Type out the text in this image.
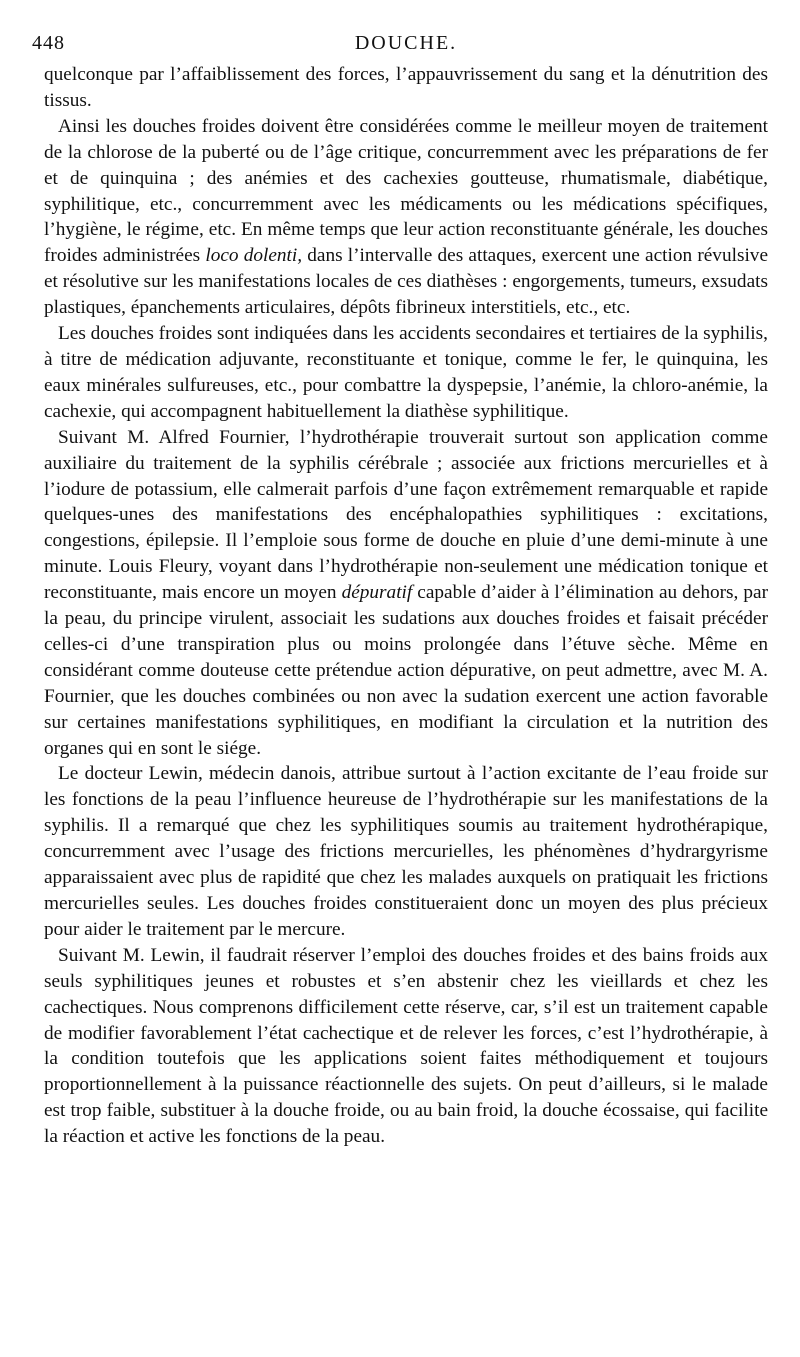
448	DOUCHE.

quelconque par l’affaiblissement des forces, l’appauvrissement du sang et la dénutrition des tissus.

Ainsi les douches froides doivent être considérées comme le meilleur moyen de traitement de la chlorose de la puberté ou de l’âge critique, concurremment avec les préparations de fer et de quinquina ; des anémies et des cachexies goutteuse, rhumatismale, diabétique, syphilitique, etc., concurremment avec les médicaments ou les médications spécifiques, l’hygiène, le régime, etc. En même temps que leur action reconstituante générale, les douches froides administrées loco dolenti, dans l’intervalle des attaques, exercent une action révulsive et résolutive sur les manifestations locales de ces diathèses : engorgements, tumeurs, exsudats plastiques, épanchements articulaires, dépôts fibrineux interstitiels, etc., etc.

Les douches froides sont indiquées dans les accidents secondaires et tertiaires de la syphilis, à titre de médication adjuvante, reconstituante et tonique, comme le fer, le quinquina, les eaux minérales sulfureuses, etc., pour combattre la dyspepsie, l’anémie, la chloro-anémie, la cachexie, qui accompagnent habituellement la diathèse syphilitique.

Suivant M. Alfred Fournier, l’hydrothérapie trouverait surtout son application comme auxiliaire du traitement de la syphilis cérébrale ; associée aux frictions mercurielles et à l’iodure de potassium, elle calmerait parfois d’une façon extrêmement remarquable et rapide quelques-unes des manifestations des encéphalopathies syphilitiques : excitations, congestions, épilepsie. Il l’emploie sous forme de douche en pluie d’une demi-minute à une minute. Louis Fleury, voyant dans l’hydrothérapie non-seulement une médication tonique et reconstituante, mais encore un moyen dépuratif capable d’aider à l’élimination au dehors, par la peau, du principe virulent, associait les sudations aux douches froides et faisait précéder celles-ci d’une transpiration plus ou moins prolongée dans l’étuve sèche. Même en considérant comme douteuse cette prétendue action dépurative, on peut admettre, avec M. A. Fournier, que les douches combinées ou non avec la sudation exercent une action favorable sur certaines manifestations syphilitiques, en modifiant la circulation et la nutrition des organes qui en sont le siége.

Le docteur Lewin, médecin danois, attribue surtout à l’action excitante de l’eau froide sur les fonctions de la peau l’influence heureuse de l’hydrothérapie sur les manifestations de la syphilis. Il a remarqué que chez les syphilitiques soumis au traitement hydrothérapique, concurremment avec l’usage des frictions mercurielles, les phénomènes d’hydrargyrisme apparaissaient avec plus de rapidité que chez les malades auxquels on pratiquait les frictions mercurielles seules. Les douches froides constitueraient donc un moyen des plus précieux pour aider le traitement par le mercure.

Suivant M. Lewin, il faudrait réserver l’emploi des douches froides et des bains froids aux seuls syphilitiques jeunes et robustes et s’en abstenir chez les vieillards et chez les cachectiques. Nous comprenons difficilement cette réserve, car, s’il est un traitement capable de modifier favorablement l’état cachectique et de relever les forces, c’est l’hydrothérapie, à la condition toutefois que les applications soient faites méthodiquement et toujours proportionnellement à la puissance réactionnelle des sujets. On peut d’ailleurs, si le malade est trop faible, substituer à la douche froide, ou au bain froid, la douche écossaise, qui facilite la réaction et active les fonctions de la peau.
